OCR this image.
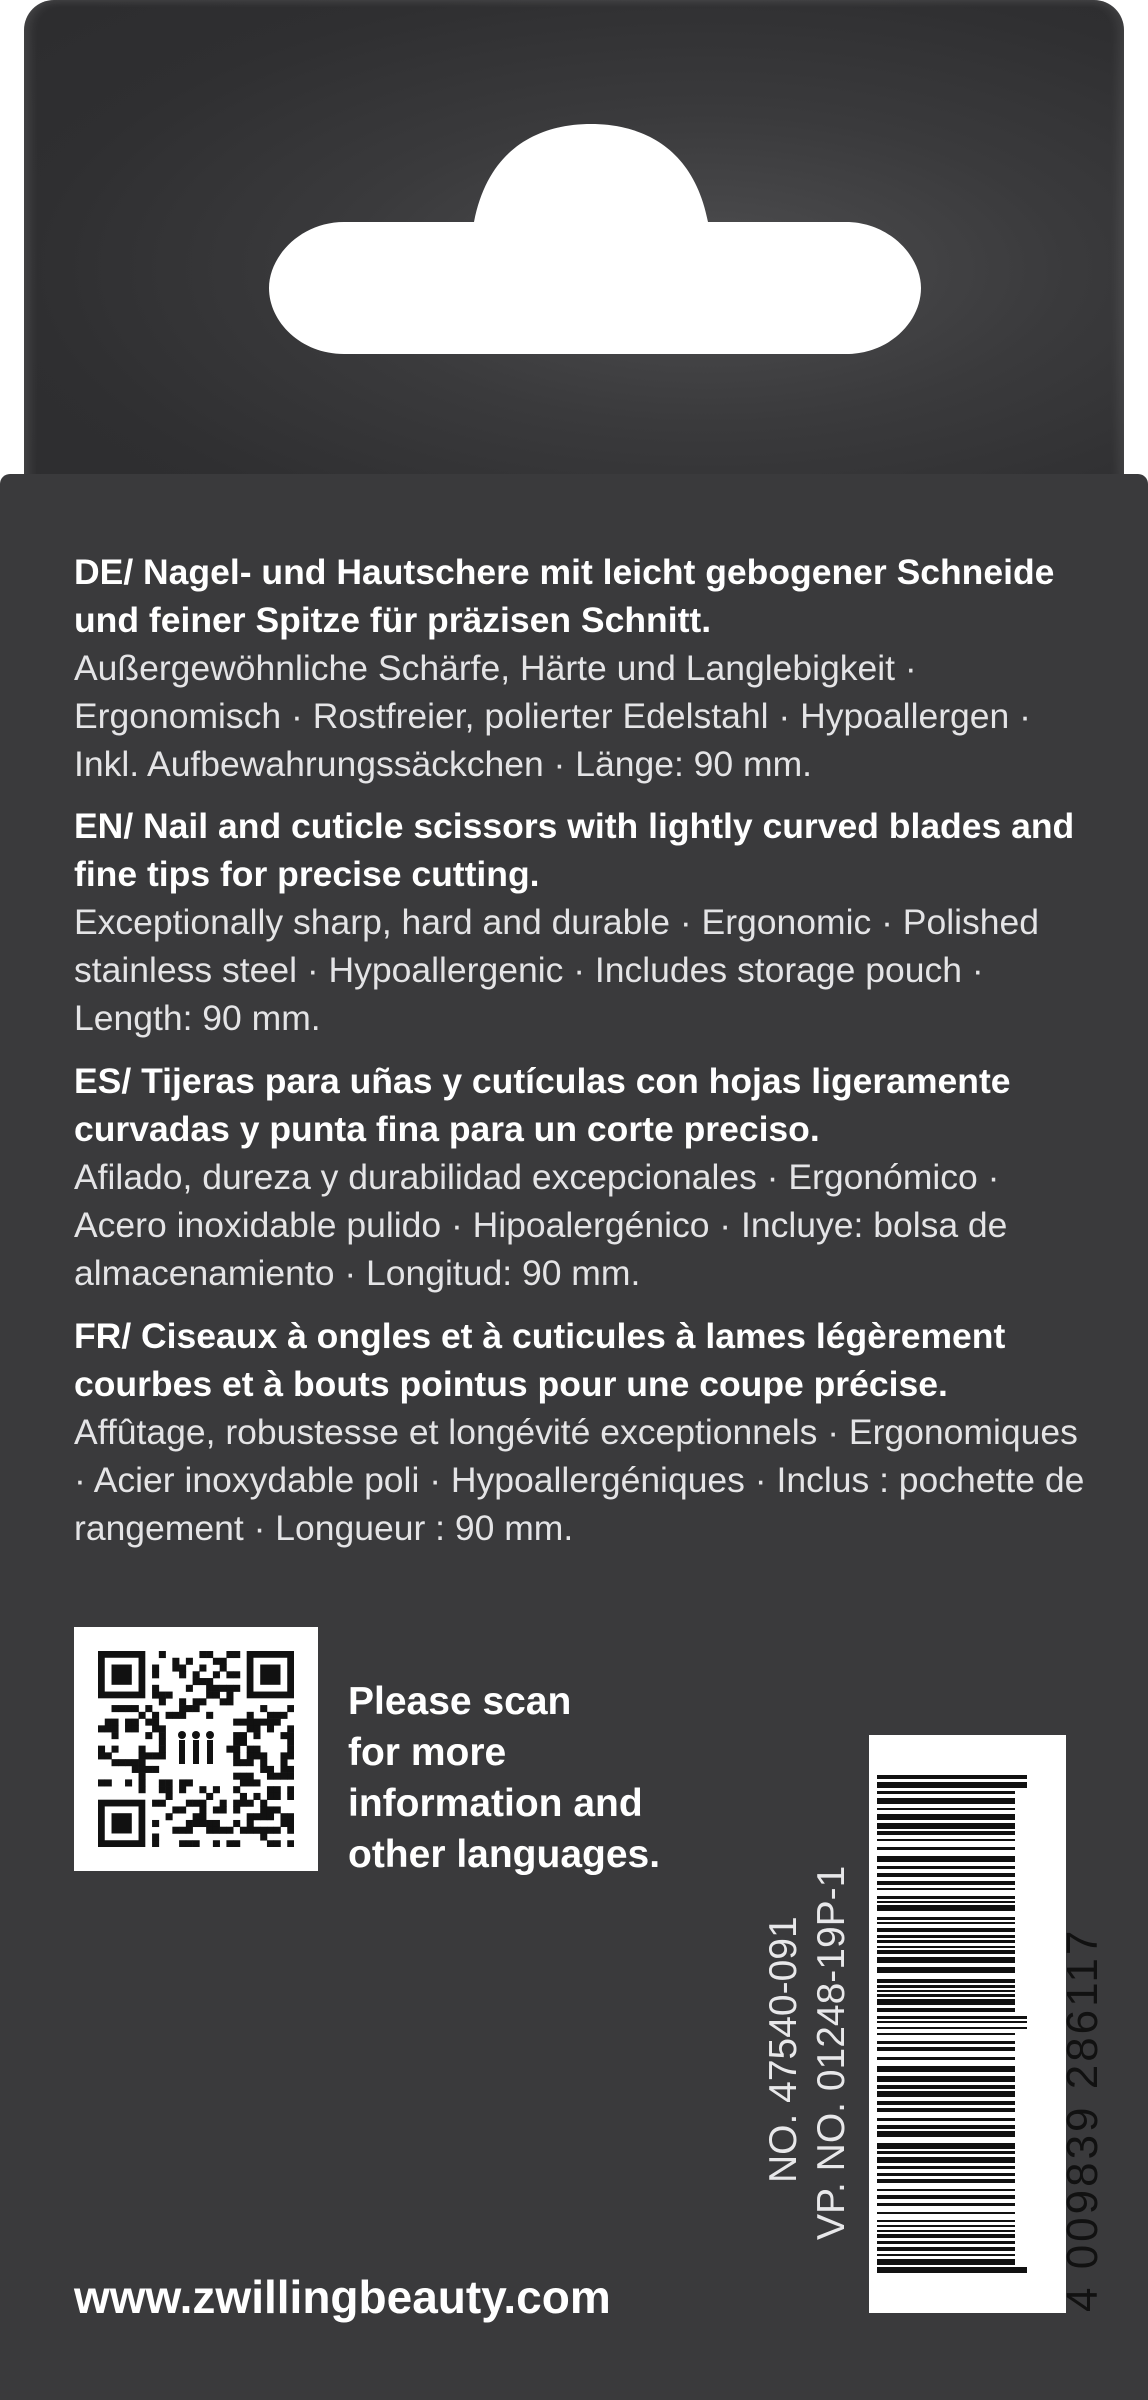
DE/ Nagel- und Hautschere mit leicht gebogener Schneide und feiner Spitze für präzisen Schnitt.
Außergewöhnliche Schärfe, Härte und Langlebigkeit · Ergonomisch · Rostfreier, polierter Edelstahl · Hypoallergen · Inkl. Aufbewahrungssäckchen · Länge: 90 mm.
EN/ Nail and cuticle scissors with lightly curved blades and fine tips for precise cutting.
Exceptionally sharp, hard and durable · Ergonomic · Polished stainless steel · Hypoallergenic · Includes storage pouch · Length: 90 mm.
ES/ Tijeras para uñas y cutículas con hojas ligeramente curvadas y punta fina para un corte preciso.
Afilado, dureza y durabilidad excepcionales · Ergonómico · Acero inoxidable pulido · Hipoalergénico · Incluye: bolsa de almacenamiento · Longitud: 90 mm.
FR/ Ciseaux à ongles et à cuticules à lames légèrement courbes et à bouts pointus pour une coupe précise.
Affûtage, robustesse et longévité exceptionnels · Ergonomiques · Acier inoxydable poli · Hypoallergéniques · Inclus : pochette de rangement · Longueur : 90 mm.
Please scan
for more
information and
other languages.
NO. 47540-091 VP. NO. 01248-19P-1	4 009839 286117
www.zwillingbeauty.com
